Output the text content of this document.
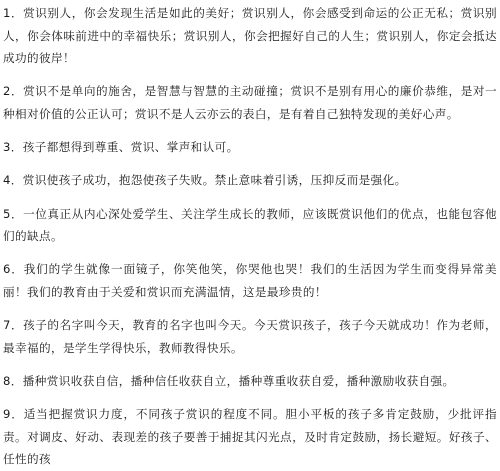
1．赏识别人，你会发现生活是如此的美好；赏识别人，你会感受到命运的公正无私；赏识别人，你会体味前进中的幸福快乐；赏识别人，你会把握好自己的人生；赏识别人，你定会抵达成功的彼岸！

2．赏识不是单向的施舍，是智慧与智慧的主动碰撞；赏识不是别有用心的廉价恭维，是对一种相对价值的公正认可；赏识不是人云亦云的表白，是有着自己独特发现的美好心声。

3．孩子都想得到尊重、赏识、掌声和认可。

4．赏识使孩子成功，抱怨使孩子失败。禁止意味着引诱，压抑反而是强化。

5．一位真正从内心深处爱学生、关注学生成长的教师，应该既赏识他们的优点，也能包容他们的缺点。

6．我们的学生就像一面镜子，你笑他笑，你哭他也哭！我们的生活因为学生而变得异常美丽！我们的教育由于关爱和赏识而充满温情，这是最珍贵的！

7．孩子的名字叫今天，教育的名字也叫今天。今天赏识孩子，孩子今天就成功！作为老师，最幸福的，是学生学得快乐，教师教得快乐。

8．播种赏识收获自信，播种信任收获自立，播种尊重收获自爱，播种激励收获自强。

9．适当把握赏识力度，不同孩子赏识的程度不同。胆小平板的孩子多肯定鼓励，少批评指责。对调皮、好动、表现差的孩子要善于捕捉其闪光点，及时肯定鼓励，扬长避短。好孩子、任性的孩
